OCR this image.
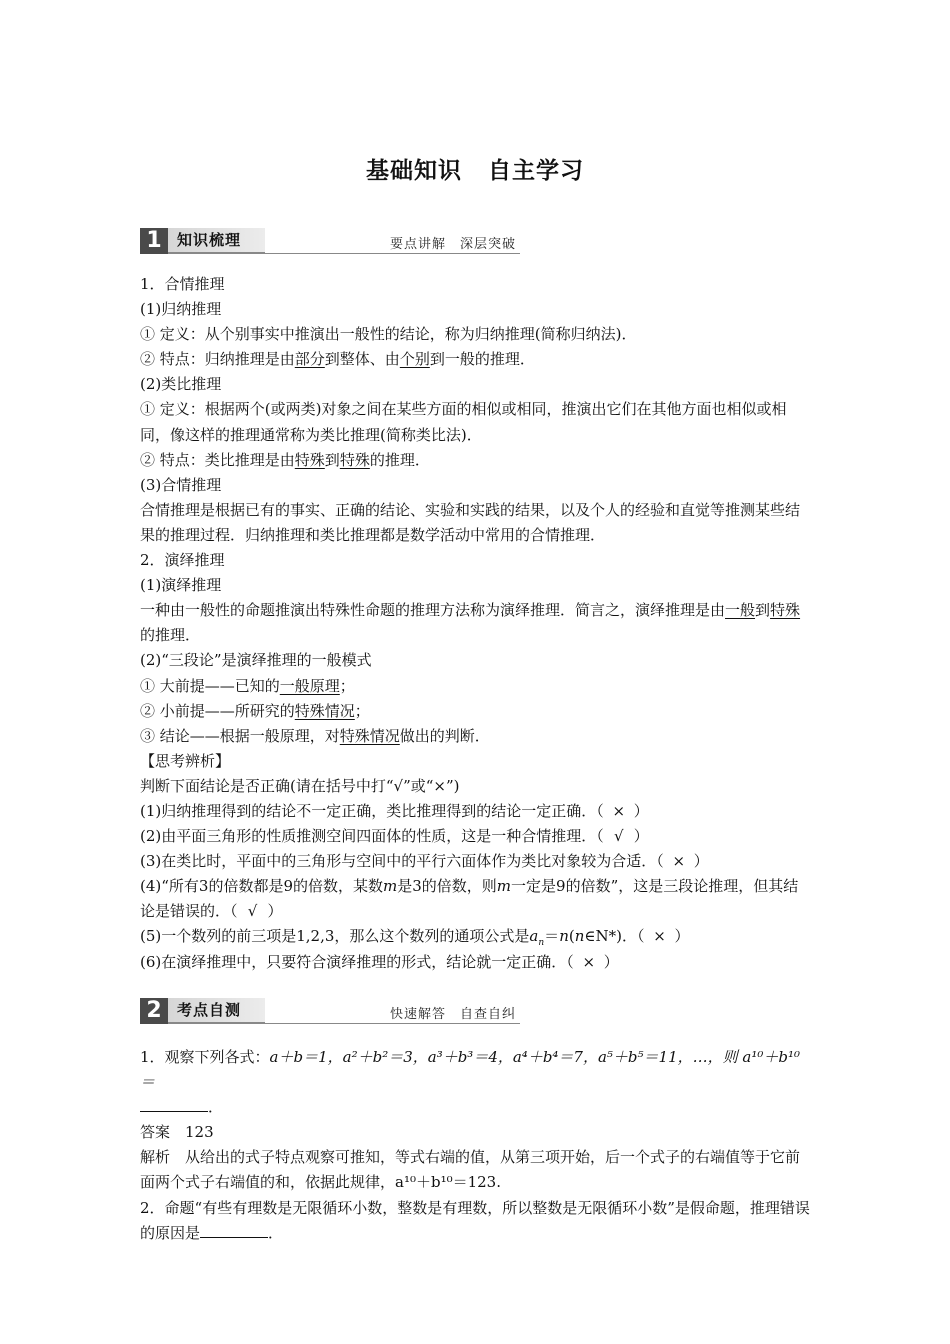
基础知识 自主学习
1	知识梳理	要点讲解　深层突破

1．合情推理

(1)归纳推理

① 定义：从个别事实中推演出一般性的结论，称为归纳推理(简称归纳法)．

② 特点：归纳推理是由部分到整体、由个别到一般的推理．

(2)类比推理

① 定义：根据两个(或两类)对象之间在某些方面的相似或相同，推演出它们在其他方面也相似或相同，像这样的推理通常称为类比推理(简称类比法)．

② 特点：类比推理是由特殊到特殊的推理．

(3)合情推理

合情推理是根据已有的事实、正确的结论、实验和实践的结果，以及个人的经验和直觉等推测某些结果的推理过程．归纳推理和类比推理都是数学活动中常用的合情推理．

2．演绎推理

(1)演绎推理

一种由一般性的命题推演出特殊性命题的推理方法称为演绎推理．简言之，演绎推理是由一般到特殊的推理．

(2)“三段论”是演绎推理的一般模式

① 大前提——已知的一般原理；

② 小前提——所研究的特殊情况；

③ 结论——根据一般原理，对特殊情况做出的判断．

【思考辨析】

判断下面结论是否正确(请在括号中打“√”或“×”)

(1)归纳推理得到的结论不一定正确，类比推理得到的结论一定正确．（ × ）

(2)由平面三角形的性质推测空间四面体的性质，这是一种合情推理．（ √ ）

(3)在类比时，平面中的三角形与空间中的平行六面体作为类比对象较为合适．（ × ）

(4)“所有3的倍数都是9的倍数，某数m是3的倍数，则m一定是9的倍数”，这是三段论推理，但其结论是错误的．（ √ ）

(5)一个数列的前三项是1,2,3，那么这个数列的通项公式是$a_n=n(n\in N*)$．（ × ）

(6)在演绎推理中，只要符合演绎推理的形式，结论就一定正确．（ × ）

2	考点自测	快速解答　自查自纠

1．观察下列各式：a＋b＝1，a²＋b²＝3，a³＋b³＝4，a⁴＋b⁴＝7，a⁵＋b⁵＝11，…，则 a¹⁰＋b¹⁰＝

．

答案　123

解析　从给出的式子特点观察可推知，等式右端的值，从第三项开始，后一个式子的右端值等于它前面两个式子右端值的和，依据此规律，a¹⁰＋b¹⁰＝123.

2．命题“有些有理数是无限循环小数，整数是有理数，所以整数是无限循环小数”是假命题，推理错误的原因是	．
